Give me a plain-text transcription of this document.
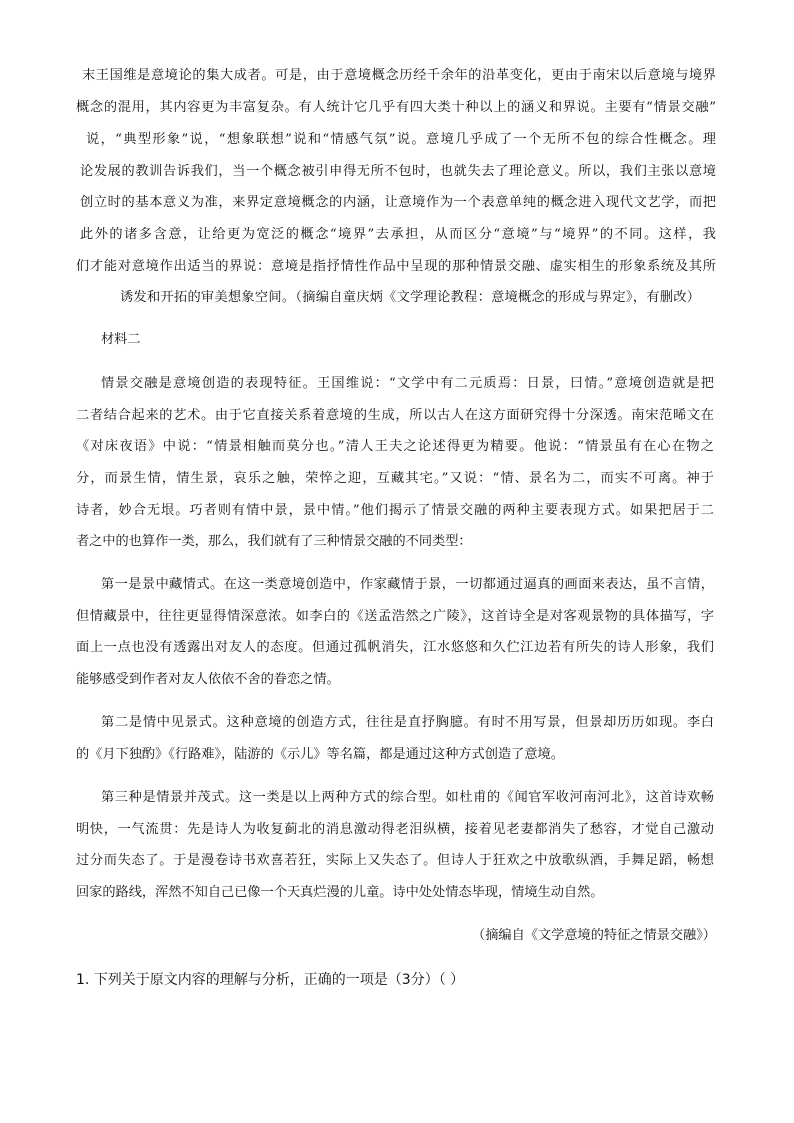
末王国维是意境论的集大成者。可是，由于意境概念历经千余年的沿革变化，更由于南宋以后意境与境界
概念的混用，其内容更为丰富复杂。有人统计它几乎有四大类十种以上的涵义和界说。主要有“情景交融”
说，“典型形象”说，“想象联想”说和“情感气氛”说。意境几乎成了一个无所不包的综合性概念。理
论发展的教训告诉我们，当一个概念被引申得无所不包时，也就失去了理论意义。所以，我们主张以意境
创立时的基本意义为准，来界定意境概念的内涵，让意境作为一个表意单纯的概念进入现代文艺学，而把
此外的诸多含意，让给更为宽泛的概念“境界”去承担，从而区分“意境”与“境界”的不同。这样，我
们才能对意境作出适当的界说：意境是指抒情性作品中呈现的那种情景交融、虚实相生的形象系统及其所
诱发和开拓的审美想象空间。（摘编自童庆炳《文学理论教程：意境概念的形成与界定》，有删改）
材料二
情景交融是意境创造的表现特征。王国维说：“文学中有二元质焉：日景，曰情。”意境创造就是把
二者结合起来的艺术。由于它直接关系着意境的生成，所以古人在这方面研究得十分深透。南宋范晞文在
《对床夜语》中说：“情景相触而莫分也。”清人王夫之论述得更为精要。他说：“情景虽有在心在物之
分，而景生情，情生景，哀乐之触，荣悴之迎，互藏其宅。”又说：“情、景名为二，而实不可离。神于
诗者，妙合无垠。巧者则有情中景，景中情。”他们揭示了情景交融的两种主要表现方式。如果把居于二
者之中的也算作一类，那么，我们就有了三种情景交融的不同类型：
第一是景中藏情式。在这一类意境创造中，作家藏情于景，一切都通过逼真的画面来表达，虽不言情，
但情藏景中，往往更显得情深意浓。如李白的《送孟浩然之广陵》，这首诗全是对客观景物的具体描写，字
面上一点也没有透露出对友人的态度。但通过孤帆消失，江水悠悠和久伫江边若有所失的诗人形象，我们
能够感受到作者对友人依依不舍的眷恋之情。
第二是情中见景式。这种意境的创造方式，往往是直抒胸臆。有时不用写景，但景却历历如现。李白
的《月下独酌》《行路难》，陆游的《示儿》等名篇，都是通过这种方式创造了意境。
第三种是情景并茂式。这一类是以上两种方式的综合型。如杜甫的《闻官军收河南河北》，这首诗欢畅
明快，一气流贯：先是诗人为收复蓟北的消息激动得老泪纵横，接着见老妻都消失了愁容，才觉自己激动
过分而失态了。于是漫卷诗书欢喜若狂，实际上又失态了。但诗人于狂欢之中放歌纵酒，手舞足蹈，畅想
回家的路线，浑然不知自己已像一个天真烂漫的儿童。诗中处处情态毕现，情境生动自然。
（摘编自《文学意境的特征之情景交融》）
1. 下列关于原文内容的理解与分析，正确的一项是（3分）（ ）
